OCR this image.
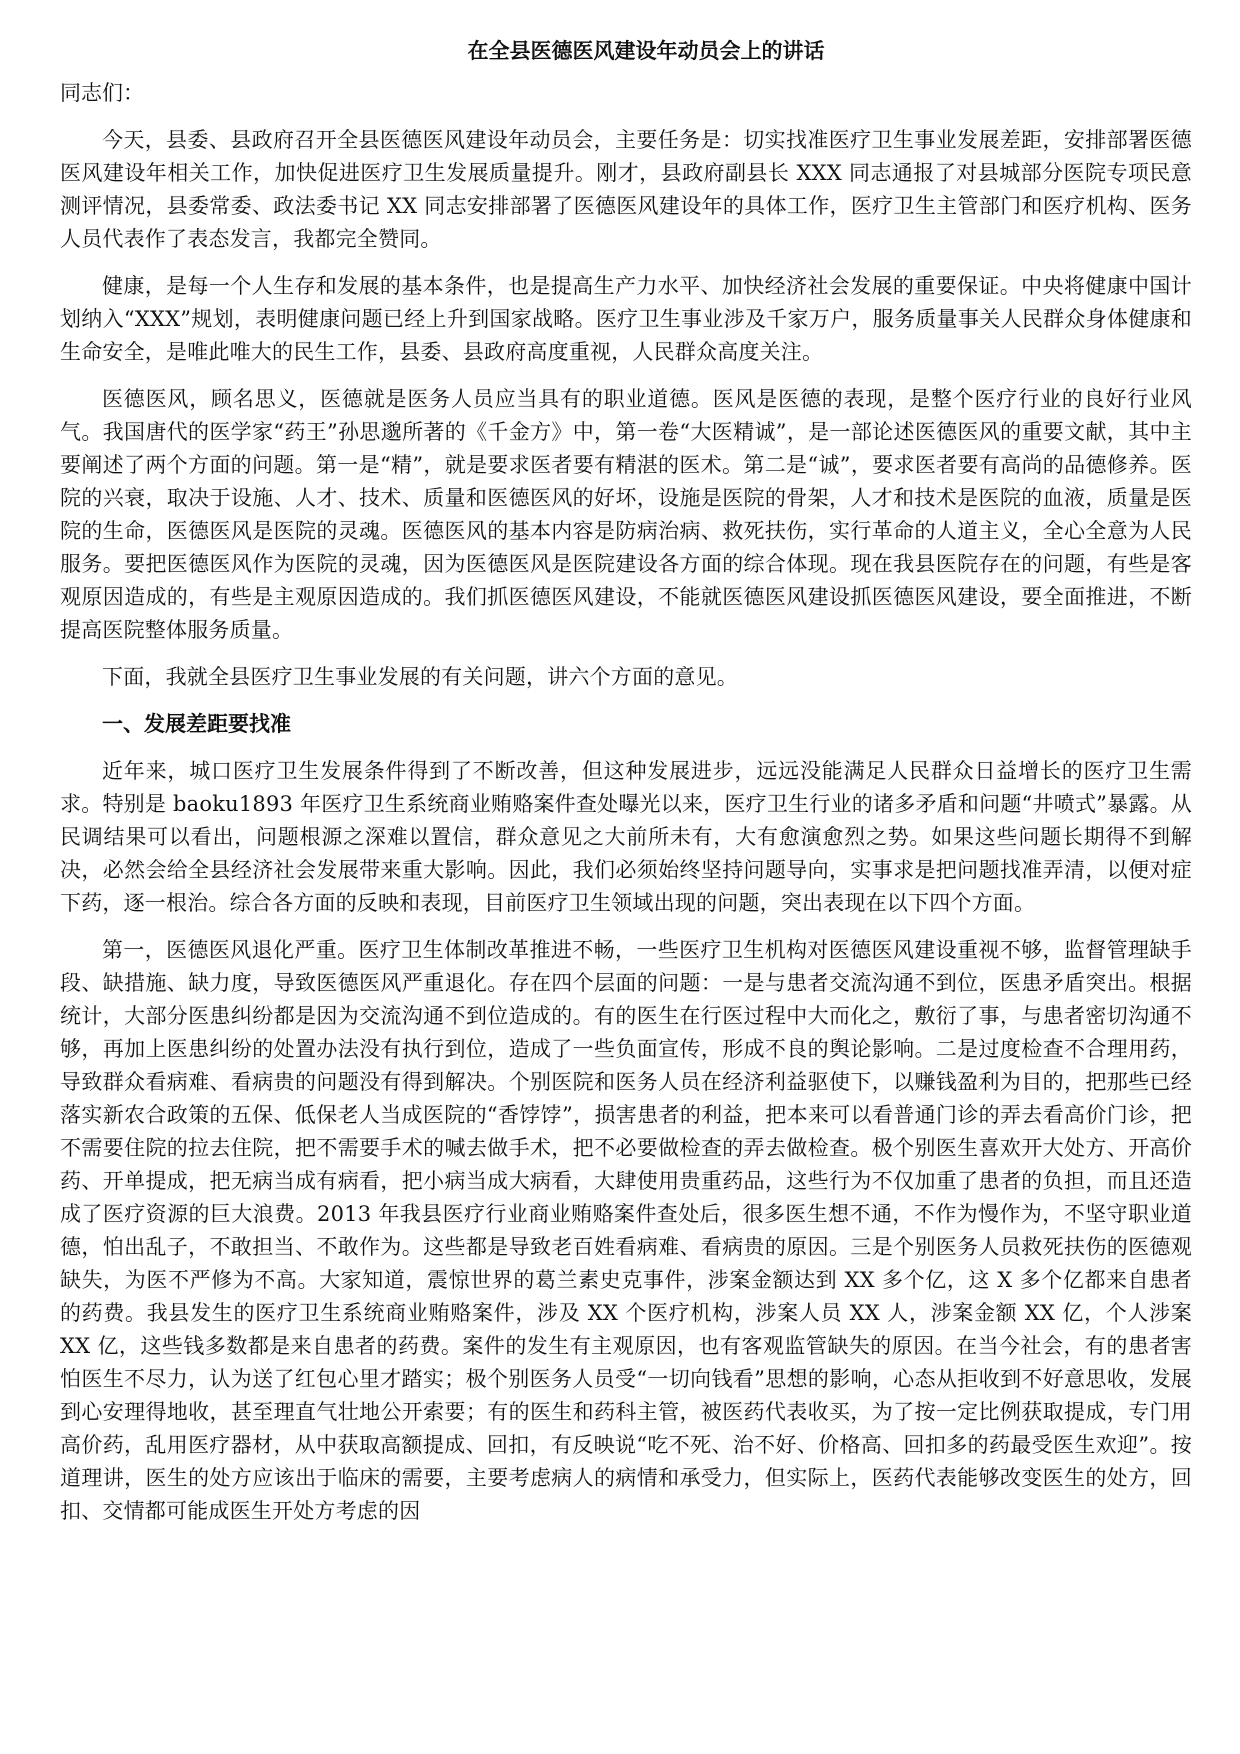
在全县医德医风建设年动员会上的讲话
同志们：

今天，县委、县政府召开全县医德医风建设年动员会，主要任务是：切实找准医疗卫生事业发展差距，安排部署医德医风建设年相关工作，加快促进医疗卫生发展质量提升。刚才，县政府副县长 XXX 同志通报了对县城部分医院专项民意测评情况，县委常委、政法委书记 XX 同志安排部署了医德医风建设年的具体工作，医疗卫生主管部门和医疗机构、医务人员代表作了表态发言，我都完全赞同。

健康，是每一个人生存和发展的基本条件，也是提高生产力水平、加快经济社会发展的重要保证。中央将健康中国计划纳入“XXX”规划，表明健康问题已经上升到国家战略。医疗卫生事业涉及千家万户，服务质量事关人民群众身体健康和生命安全，是唯此唯大的民生工作，县委、县政府高度重视，人民群众高度关注。

医德医风，顾名思义，医德就是医务人员应当具有的职业道德。医风是医德的表现，是整个医疗行业的良好行业风气。我国唐代的医学家“药王”孙思邈所著的《千金方》中，第一卷“大医精诚”，是一部论述医德医风的重要文献，其中主要阐述了两个方面的问题。第一是“精”，就是要求医者要有精湛的医术。第二是“诚”，要求医者要有高尚的品德修养。医院的兴衰，取决于设施、人才、技术、质量和医德医风的好坏，设施是医院的骨架，人才和技术是医院的血液，质量是医院的生命，医德医风是医院的灵魂。医德医风的基本内容是防病治病、救死扶伤，实行革命的人道主义，全心全意为人民服务。要把医德医风作为医院的灵魂，因为医德医风是医院建设各方面的综合体现。现在我县医院存在的问题，有些是客观原因造成的，有些是主观原因造成的。我们抓医德医风建设，不能就医德医风建设抓医德医风建设，要全面推进，不断提高医院整体服务质量。

下面，我就全县医疗卫生事业发展的有关问题，讲六个方面的意见。

一、发展差距要找准

近年来，城口医疗卫生发展条件得到了不断改善，但这种发展进步，远远没能满足人民群众日益增长的医疗卫生需求。特别是 baoku1893 年医疗卫生系统商业贿赂案件查处曝光以来，医疗卫生行业的诸多矛盾和问题“井喷式”暴露。从民调结果可以看出，问题根源之深难以置信，群众意见之大前所未有，大有愈演愈烈之势。如果这些问题长期得不到解决，必然会给全县经济社会发展带来重大影响。因此，我们必须始终坚持问题导向，实事求是把问题找准弄清，以便对症下药，逐一根治。综合各方面的反映和表现，目前医疗卫生领域出现的问题，突出表现在以下四个方面。

第一，医德医风退化严重。医疗卫生体制改革推进不畅，一些医疗卫生机构对医德医风建设重视不够，监督管理缺手段、缺措施、缺力度，导致医德医风严重退化。存在四个层面的问题：一是与患者交流沟通不到位，医患矛盾突出。根据统计，大部分医患纠纷都是因为交流沟通不到位造成的。有的医生在行医过程中大而化之，敷衍了事，与患者密切沟通不够，再加上医患纠纷的处置办法没有执行到位，造成了一些负面宣传，形成不良的舆论影响。二是过度检查不合理用药，导致群众看病难、看病贵的问题没有得到解决。个别医院和医务人员在经济利益驱使下，以赚钱盈利为目的，把那些已经落实新农合政策的五保、低保老人当成医院的“香饽饽”，损害患者的利益，把本来可以看普通门诊的弄去看高价门诊，把不需要住院的拉去住院，把不需要手术的喊去做手术，把不必要做检查的弄去做检查。极个别医生喜欢开大处方、开高价药、开单提成，把无病当成有病看，把小病当成大病看，大肆使用贵重药品，这些行为不仅加重了患者的负担，而且还造成了医疗资源的巨大浪费。2013 年我县医疗行业商业贿赂案件查处后，很多医生想不通，不作为慢作为，不坚守职业道德，怕出乱子，不敢担当、不敢作为。这些都是导致老百姓看病难、看病贵的原因。三是个别医务人员救死扶伤的医德观缺失，为医不严修为不高。大家知道，震惊世界的葛兰素史克事件，涉案金额达到 XX 多个亿，这 X 多个亿都来自患者的药费。我县发生的医疗卫生系统商业贿赂案件，涉及 XX 个医疗机构，涉案人员 XX 人，涉案金额 XX 亿，个人涉案 XX 亿，这些钱多数都是来自患者的药费。案件的发生有主观原因，也有客观监管缺失的原因。在当今社会，有的患者害怕医生不尽力，认为送了红包心里才踏实；极个别医务人员受“一切向钱看”思想的影响，心态从拒收到不好意思收，发展到心安理得地收，甚至理直气壮地公开索要；有的医生和药科主管，被医药代表收买，为了按一定比例获取提成，专门用高价药，乱用医疗器材，从中获取高额提成、回扣，有反映说“吃不死、治不好、价格高、回扣多的药最受医生欢迎”。按道理讲，医生的处方应该出于临床的需要，主要考虑病人的病情和承受力，但实际上，医药代表能够改变医生的处方，回扣、交情都可能成医生开处方考虑的因
